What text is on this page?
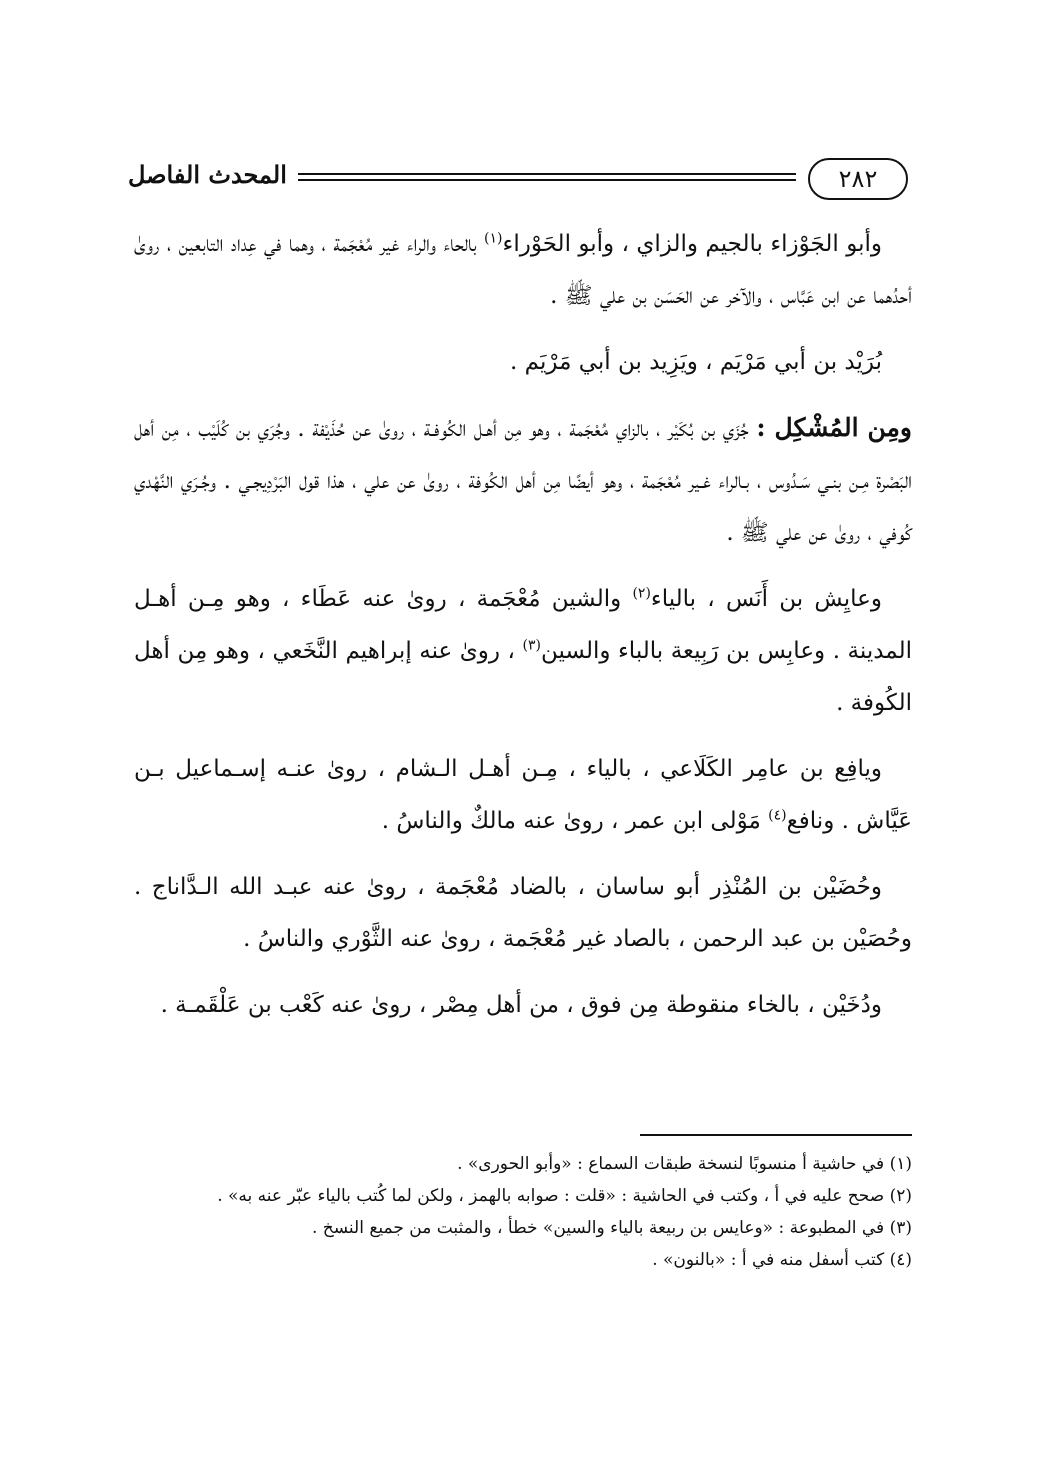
٢٨٢
المحدث الفاصل

وأبو الجَوْزاء بالجيم والزاي ، وأبو الحَوْراء$^{(١)}$ بالحاء والراء غير مُعْجَمة ، وهما في عِداد التابعين ، روىٰ أحدُهما عن ابن عَبَّاس ، والآخر عن الحَسَن بن علي ﷺ .

بُرَيْد بن أبي مَرْيَم ، ويَزِيد بن أبي مَرْيَم .

ومِن المُشْكِل : جُزَي بن بُكَيْر ، بالزاي مُعْجَمة ، وهو مِن أهـل الكُوفـة ، روىٰ عن حُذَيْفة . وجُرَي بن كُلَيْب ، مِن أهل البَصْرة مِـن بنـي سَـدُوس ، بـالراء غـير مُعْجَمة ، وهو أيضًا مِن أهل الكُوفة ، روىٰ عن علي ، هذا قول البَرْدِيجـي . وجُـرَي النَّهْدي كُوفي ، روىٰ عن علي ﷺ .

وعايِش بن أَنَس ، بالياء$^{(٢)}$ والشين مُعْجَمة ، روىٰ عنه عَطَاء ، وهو مِـن أهـل المدينة . وعابِس بن رَبِيعة بالباء والسين$^{(٣)}$ ، روىٰ عنه إبراهيم النَّخَعي ، وهو مِن أهل الكُوفة .

ويافِع بن عامِر الكَلَاعي ، بالياء ، مِـن أهـل الـشام ، روىٰ عنـه إسـماعيل بـن عَيَّاش . ونافع$^{(٤)}$ مَوْلى ابن عمر ، روىٰ عنه مالكٌ والناسُ .

وحُضَيْن بن المُنْذِر أبو ساسان ، بالضاد مُعْجَمة ، روىٰ عنه عبـد الله الـدَّاناج . وحُصَيْن بن عبد الرحمن ، بالصاد غير مُعْجَمة ، روىٰ عنه الثَّوْري والناسُ .

ودُخَيْن ، بالخاء منقوطة مِن فوق ، من أهل مِصْر ، روىٰ عنه كَعْب بن عَلْقَمـة .

(١) في حاشية أ منسوبًا لنسخة طبقات السماع : «وأبو الحورى» .

(٢) صحح عليه في أ ، وكتب في الحاشية : «قلت : صوابه بالهمز ، ولكن لما كُتب بالياء عبّر عنه به» .

(٣) في المطبوعة : «وعايس بن ربيعة بالياء والسين» خطأ ، والمثبت من جميع النسخ .

(٤) كتب أسفل منه في أ : «بالنون» .
